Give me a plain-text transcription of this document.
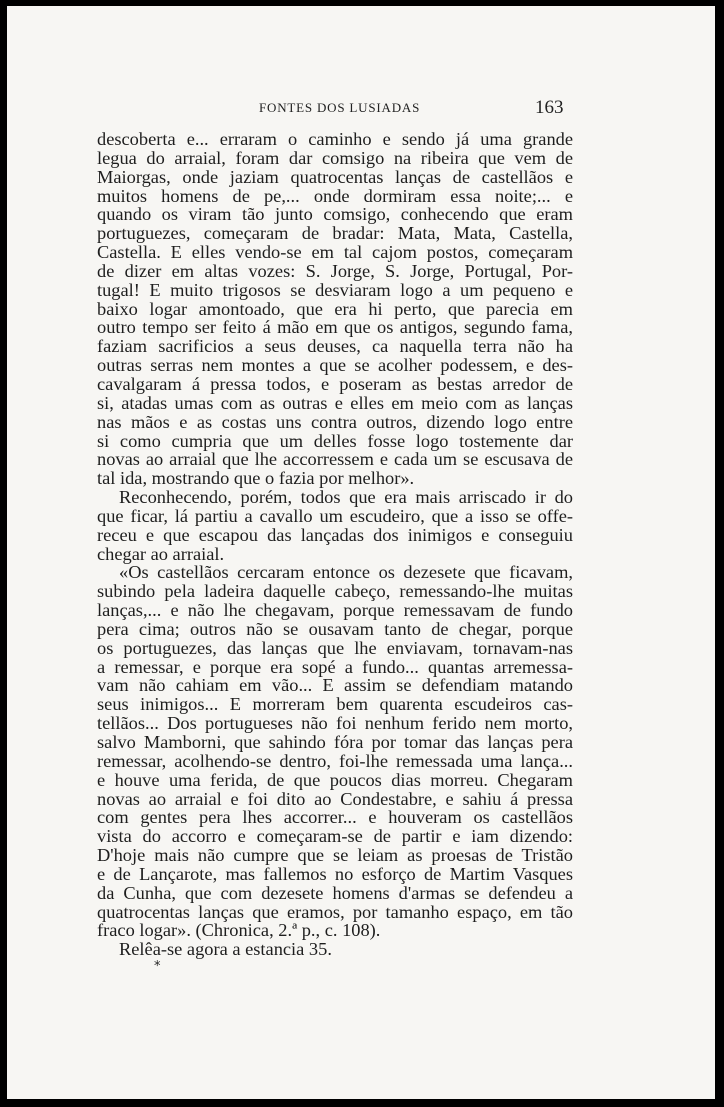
FONTES DOS LUSIADAS	163
descoberta e... erraram o caminho e sendo já uma grande
legua do arraial, foram dar comsigo na ribeira que vem de
Maiorgas, onde jaziam quatrocentas lanças de castellãos e
muitos homens de pe,... onde dormiram essa noite;... e
quando os viram tão junto comsigo, conhecendo que eram
portuguezes, começaram de bradar: Mata, Mata, Castella,
Castella. E elles vendo-se em tal cajom postos, começaram
de dizer em altas vozes: S. Jorge, S. Jorge, Portugal, Por-
tugal! E muito trigosos se desviaram logo a um pequeno e
baixo logar amontoado, que era hi perto, que parecia em
outro tempo ser feito á mão em que os antigos, segundo fama,
faziam sacrificios a seus deuses, ca naquella terra não ha
outras serras nem montes a que se acolher podessem, e des-
cavalgaram á pressa todos, e poseram as bestas arredor de
si, atadas umas com as outras e elles em meio com as lanças
nas mãos e as costas uns contra outros, dizendo logo entre
si como cumpria que um delles fosse logo tostemente dar
novas ao arraial que lhe accorressem e cada um se escusava de
tal ida, mostrando que o fazia por melhor».
Reconhecendo, porém, todos que era mais arriscado ir do
que ficar, lá partiu a cavallo um escudeiro, que a isso se offe-
receu e que escapou das lançadas dos inimigos e conseguiu
chegar ao arraial.
«Os castellãos cercaram entonce os dezesete que ficavam,
subindo pela ladeira daquelle cabeço, remessando-lhe muitas
lanças,... e não lhe chegavam, porque remessavam de fundo
pera cima; outros não se ousavam tanto de chegar, porque
os portuguezes, das lanças que lhe enviavam, tornavam-nas
a remessar, e porque era sopé a fundo... quantas arremessa-
vam não cahiam em vão... E assim se defendiam matando
seus inimigos... E morreram bem quarenta escudeiros cas-
tellãos... Dos portugueses não foi nenhum ferido nem morto,
salvo Mamborni, que sahindo fóra por tomar das lanças pera
remessar, acolhendo-se dentro, foi-lhe remessada uma lança...
e houve uma ferida, de que poucos dias morreu. Chegaram
novas ao arraial e foi dito ao Condestabre, e sahiu á pressa
com gentes pera lhes accorrer... e houveram os castellãos
vista do accorro e começaram-se de partir e iam dizendo:
D'hoje mais não cumpre que se leiam as proesas de Tristão
e de Lançarote, mas fallemos no esforço de Martim Vasques
da Cunha, que com dezesete homens d'armas se defendeu a
quatrocentas lanças que eramos, por tamanho espaço, em tão
fraco logar». (Chronica, 2.ª p., c. 108).
Relêa-se agora a estancia 35.
*
